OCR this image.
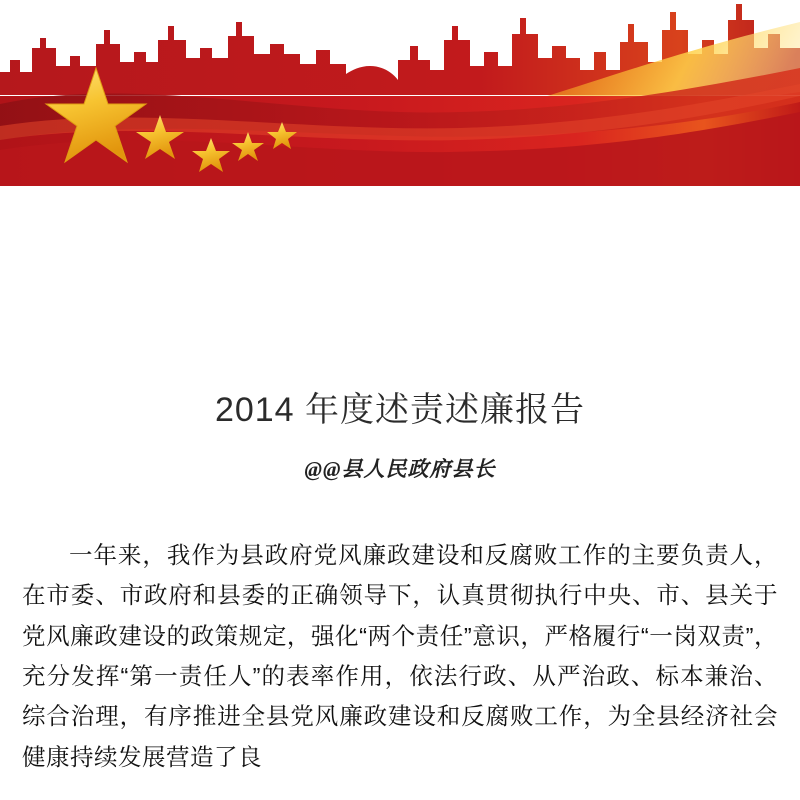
2014 年度述责述廉报告
@@县人民政府县长

一年来，我作为县政府党风廉政建设和反腐败工作的主要负责人，在市委、市政府和县委的正确领导下，认真贯彻执行中央、市、县关于党风廉政建设的政策规定，强化“两个责任”意识，严格履行“一岗双责”，充分发挥“第一责任人”的表率作用，依法行政、从严治政、标本兼治、综合治理，有序推进全县党风廉政建设和反腐败工作，为全县经济社会健康持续发展营造了良
